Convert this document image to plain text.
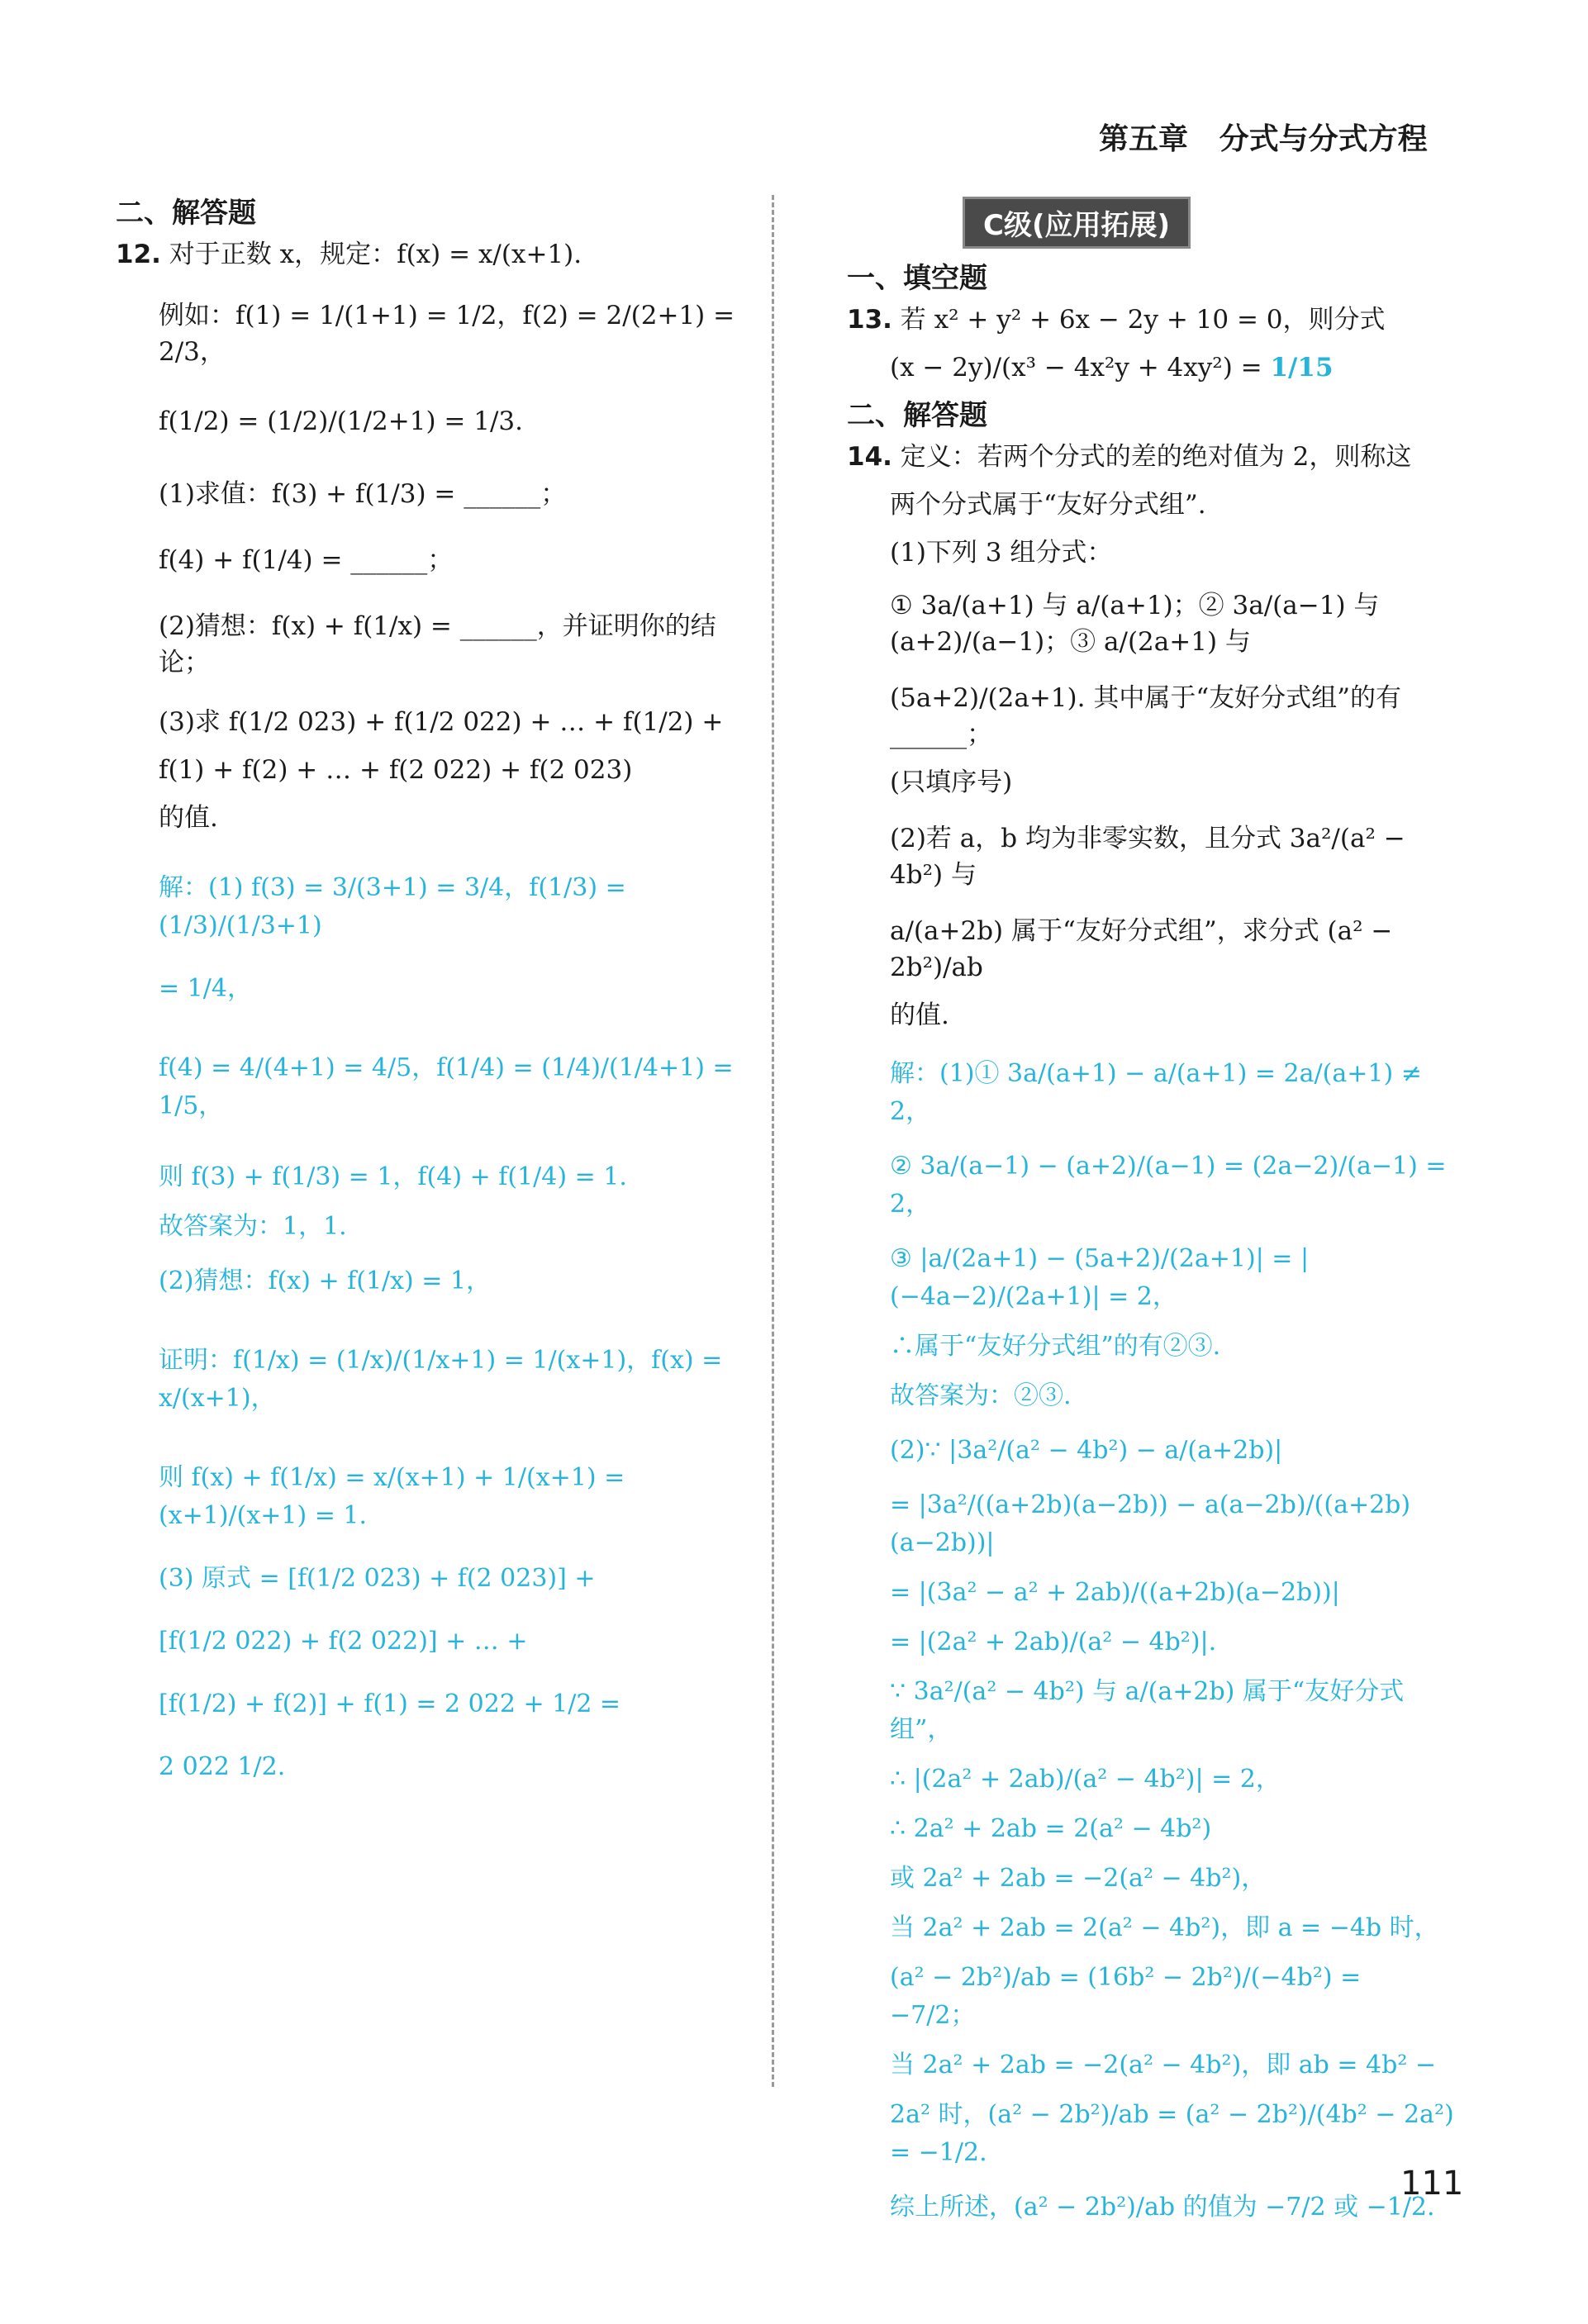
第五章 分式与分式方程
二、解答题
12. 对于正数 x，规定：f(x) = x/(x+1).
例如：f(1) = 1/(1+1) = 1/2，f(2) = 2/(2+1) = 2/3，
f(1/2) = (1/2)/(1/2+1) = 1/3.
(1)求值：f(3) + f(1/3) = ______；
f(4) + f(1/4) = ______；
(2)猜想：f(x) + f(1/x) = ______，并证明你的结论；
(3)求 f(1/2 023) + f(1/2 022) + … + f(1/2) +
f(1) + f(2) + … + f(2 022) + f(2 023)
的值.
解：(1) f(3) = 3/(3+1) = 3/4，f(1/3) = (1/3)/(1/3+1)
= 1/4，
f(4) = 4/(4+1) = 4/5，f(1/4) = (1/4)/(1/4+1) = 1/5，
则 f(3) + f(1/3) = 1，f(4) + f(1/4) = 1.
故答案为：1，1.
(2)猜想：f(x) + f(1/x) = 1，
证明：f(1/x) = (1/x)/(1/x+1) = 1/(x+1)，f(x) = x/(x+1)，
则 f(x) + f(1/x) = x/(x+1) + 1/(x+1) = (x+1)/(x+1) = 1.
(3) 原式 = [f(1/2 023) + f(2 023)] +
[f(1/2 022) + f(2 022)] + … +
[f(1/2) + f(2)] + f(1) = 2 022 + 1/2 =
2 022 1/2.
C级(应用拓展)
一、填空题
13. 若 x² + y² + 6x − 2y + 10 = 0，则分式
(x − 2y)/(x³ − 4x²y + 4xy²) = 1/15
二、解答题
14. 定义：若两个分式的差的绝对值为 2，则称这
两个分式属于“友好分式组”.
(1)下列 3 组分式：
① 3a/(a+1) 与 a/(a+1)；② 3a/(a−1) 与 (a+2)/(a−1)；③ a/(2a+1) 与
(5a+2)/(2a+1). 其中属于“友好分式组”的有______；
(只填序号)
(2)若 a，b 均为非零实数，且分式 3a²/(a² − 4b²) 与
a/(a+2b) 属于“友好分式组”，求分式 (a² − 2b²)/ab
的值.
解：(1)① 3a/(a+1) − a/(a+1) = 2a/(a+1) ≠ 2，
② 3a/(a−1) − (a+2)/(a−1) = (2a−2)/(a−1) = 2，
③ |a/(2a+1) − (5a+2)/(2a+1)| = |(−4a−2)/(2a+1)| = 2，
∴属于“友好分式组”的有②③.
故答案为：②③.
(2)∵ |3a²/(a² − 4b²) − a/(a+2b)|
= |3a²/((a+2b)(a−2b)) − a(a−2b)/((a+2b)(a−2b))|
= |(3a² − a² + 2ab)/((a+2b)(a−2b))|
= |(2a² + 2ab)/(a² − 4b²)|.
∵ 3a²/(a² − 4b²) 与 a/(a+2b) 属于“友好分式组”，
∴ |(2a² + 2ab)/(a² − 4b²)| = 2，
∴ 2a² + 2ab = 2(a² − 4b²)
或 2a² + 2ab = −2(a² − 4b²)，
当 2a² + 2ab = 2(a² − 4b²)，即 a = −4b 时，
(a² − 2b²)/ab = (16b² − 2b²)/(−4b²) = −7/2；
当 2a² + 2ab = −2(a² − 4b²)，即 ab = 4b² −
2a² 时，(a² − 2b²)/ab = (a² − 2b²)/(4b² − 2a²) = −1/2.
综上所述，(a² − 2b²)/ab 的值为 −7/2 或 −1/2.
111
